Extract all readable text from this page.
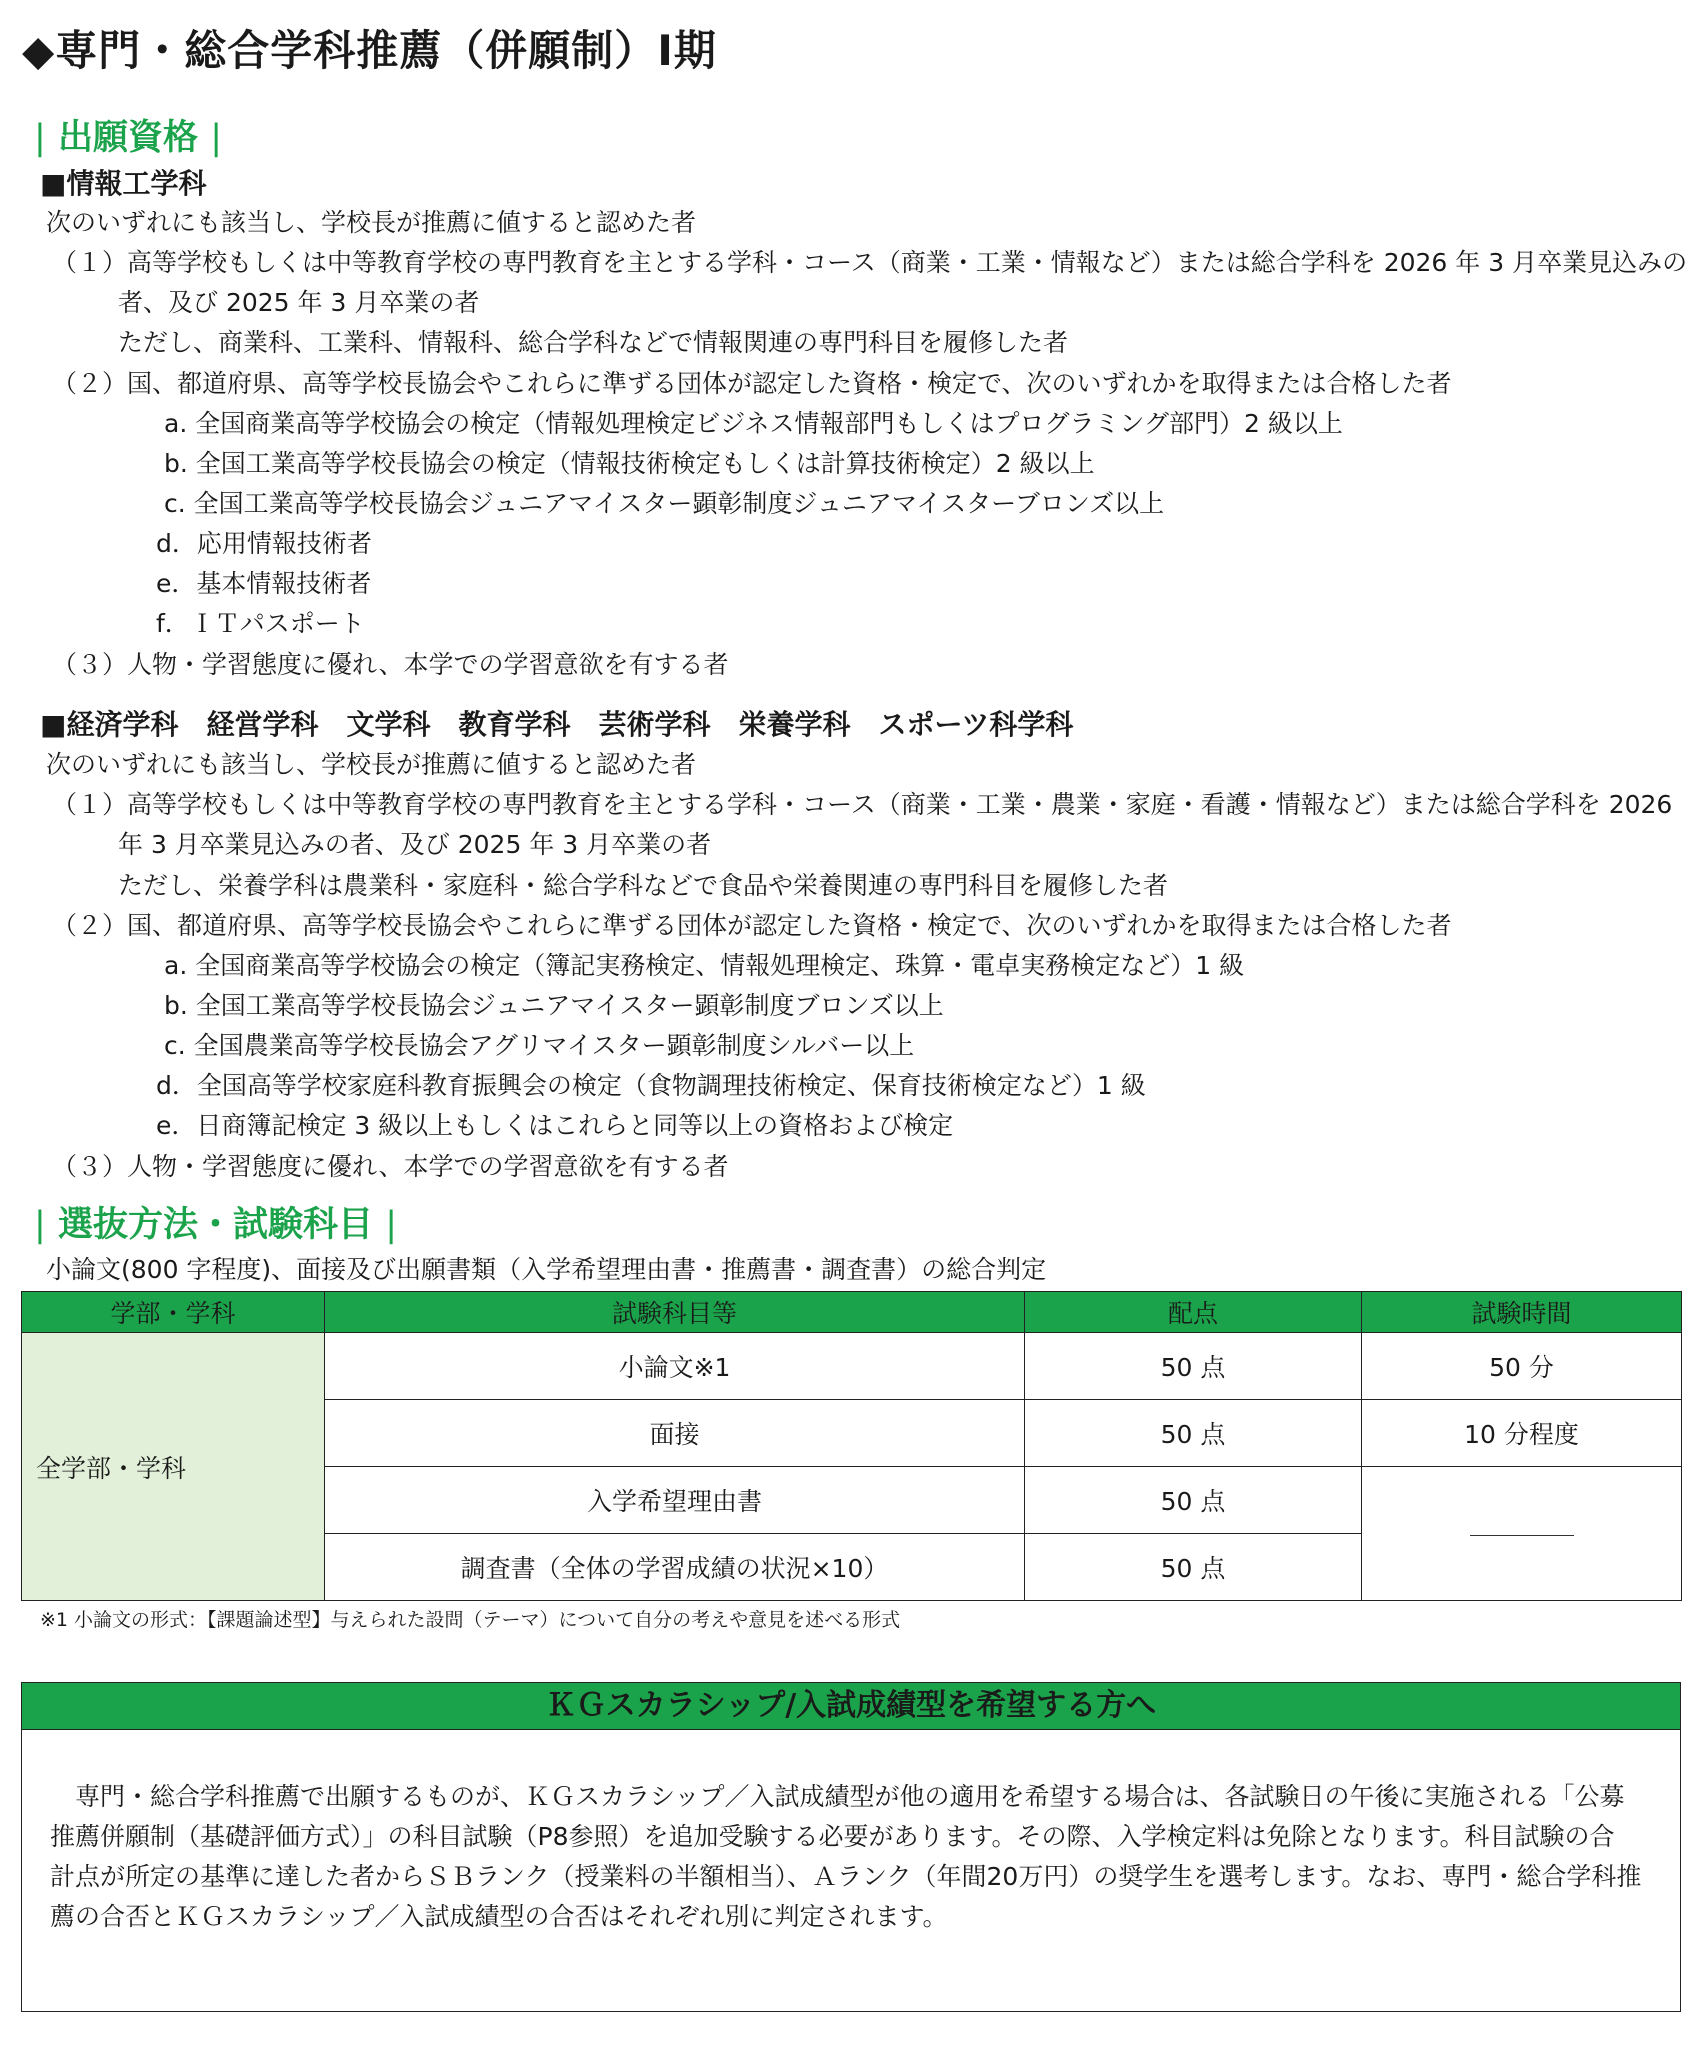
◆専門・総合学科推薦（併願制）Ⅰ期
| 出願資格 |
■情報工学科
次のいずれにも該当し、学校長が推薦に値すると認めた者
（１）高等学校もしくは中等教育学校の専門教育を主とする学科・コース（商業・工業・情報など）または総合学科を 2026 年 3 月卒業見込みの
者、及び 2025 年 3 月卒業の者
ただし、商業科、工業科、情報科、総合学科などで情報関連の専門科目を履修した者
（２）国、都道府県、高等学校長協会やこれらに準ずる団体が認定した資格・検定で、次のいずれかを取得または合格した者
a. 全国商業高等学校協会の検定（情報処理検定ビジネス情報部門もしくはプログラミング部門）2 級以上
b. 全国工業高等学校長協会の検定（情報技術検定もしくは計算技術検定）2 級以上
c. 全国工業高等学校長協会ジュニアマイスター顕彰制度ジュニアマイスターブロンズ以上
d．応用情報技術者
e．基本情報技術者
f．ＩＴパスポート
（３）人物・学習態度に優れ、本学での学習意欲を有する者
■経済学科　経営学科　文学科　教育学科　芸術学科　栄養学科　スポーツ科学科
次のいずれにも該当し、学校長が推薦に値すると認めた者
（１）高等学校もしくは中等教育学校の専門教育を主とする学科・コース（商業・工業・農業・家庭・看護・情報など）または総合学科を 2026
年 3 月卒業見込みの者、及び 2025 年 3 月卒業の者
ただし、栄養学科は農業科・家庭科・総合学科などで食品や栄養関連の専門科目を履修した者
（２）国、都道府県、高等学校長協会やこれらに準ずる団体が認定した資格・検定で、次のいずれかを取得または合格した者
a. 全国商業高等学校協会の検定（簿記実務検定、情報処理検定、珠算・電卓実務検定など）1 級
b. 全国工業高等学校長協会ジュニアマイスター顕彰制度ブロンズ以上
c. 全国農業高等学校長協会アグリマイスター顕彰制度シルバー以上
d．全国高等学校家庭科教育振興会の検定（食物調理技術検定、保育技術検定など）1 級
e．日商簿記検定 3 級以上もしくはこれらと同等以上の資格および検定
（３）人物・学習態度に優れ、本学での学習意欲を有する者
| 選抜方法・試験科目 |
小論文(800 字程度)、面接及び出願書類（入学希望理由書・推薦書・調査書）の総合判定
学部・学科	試験科目等	配点	試験時間
全学部・学科	小論文※1	50 点	50 分
	面接	50 点	10 分程度
	入学希望理由書	50 点	
	調査書（全体の学習成績の状況×10）	50 点	
※1 小論文の形式：【課題論述型】与えられた設問（テーマ）について自分の考えや意見を述べる形式
ＫＧスカラシップ/入試成績型を希望する方へ
　専門・総合学科推薦で出願するものが、ＫＧスカラシップ／入試成績型が他の適用を希望する場合は、各試験日の午後に実施される「公募
推薦併願制（基礎評価方式）」の科目試験（P8参照）を追加受験する必要があります。その際、入学検定料は免除となります。科目試験の合
計点が所定の基準に達した者からＳＢランク（授業料の半額相当）、Ａランク（年間20万円）の奨学生を選考します。なお、専門・総合学科推
薦の合否とＫＧスカラシップ／入試成績型の合否はそれぞれ別に判定されます。
